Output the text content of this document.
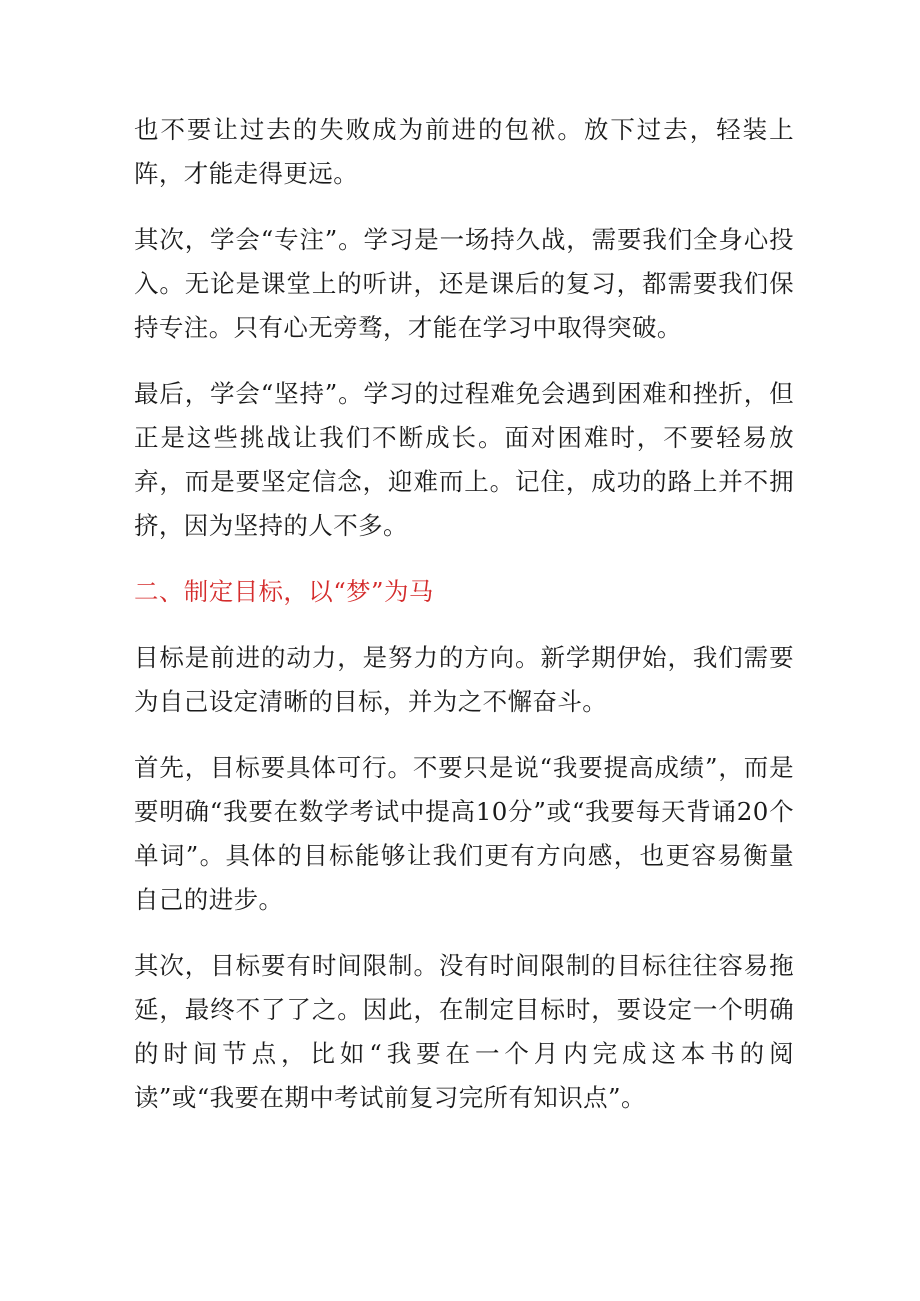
也不要让过去的失败成为前进的包袱。放下过去，轻装上阵，才能走得更远。

其次，学会“专注”。学习是一场持久战，需要我们全身心投入。无论是课堂上的听讲，还是课后的复习，都需要我们保持专注。只有心无旁骛，才能在学习中取得突破。

最后，学会“坚持”。学习的过程难免会遇到困难和挫折，但正是这些挑战让我们不断成长。面对困难时，不要轻易放弃，而是要坚定信念，迎难而上。记住，成功的路上并不拥挤，因为坚持的人不多。

二、制定目标，以“梦”为马

目标是前进的动力，是努力的方向。新学期伊始，我们需要为自己设定清晰的目标，并为之不懈奋斗。

首先，目标要具体可行。不要只是说“我要提高成绩”，而是要明确“我要在数学考试中提高10分”或“我要每天背诵20个单词”。具体的目标能够让我们更有方向感，也更容易衡量自己的进步。

其次，目标要有时间限制。没有时间限制的目标往往容易拖延，最终不了了之。因此，在制定目标时，要设定一个明确的时间节点，比如“我要在一个月内完成这本书的阅读”或“我要在期中考试前复习完所有知识点”。
